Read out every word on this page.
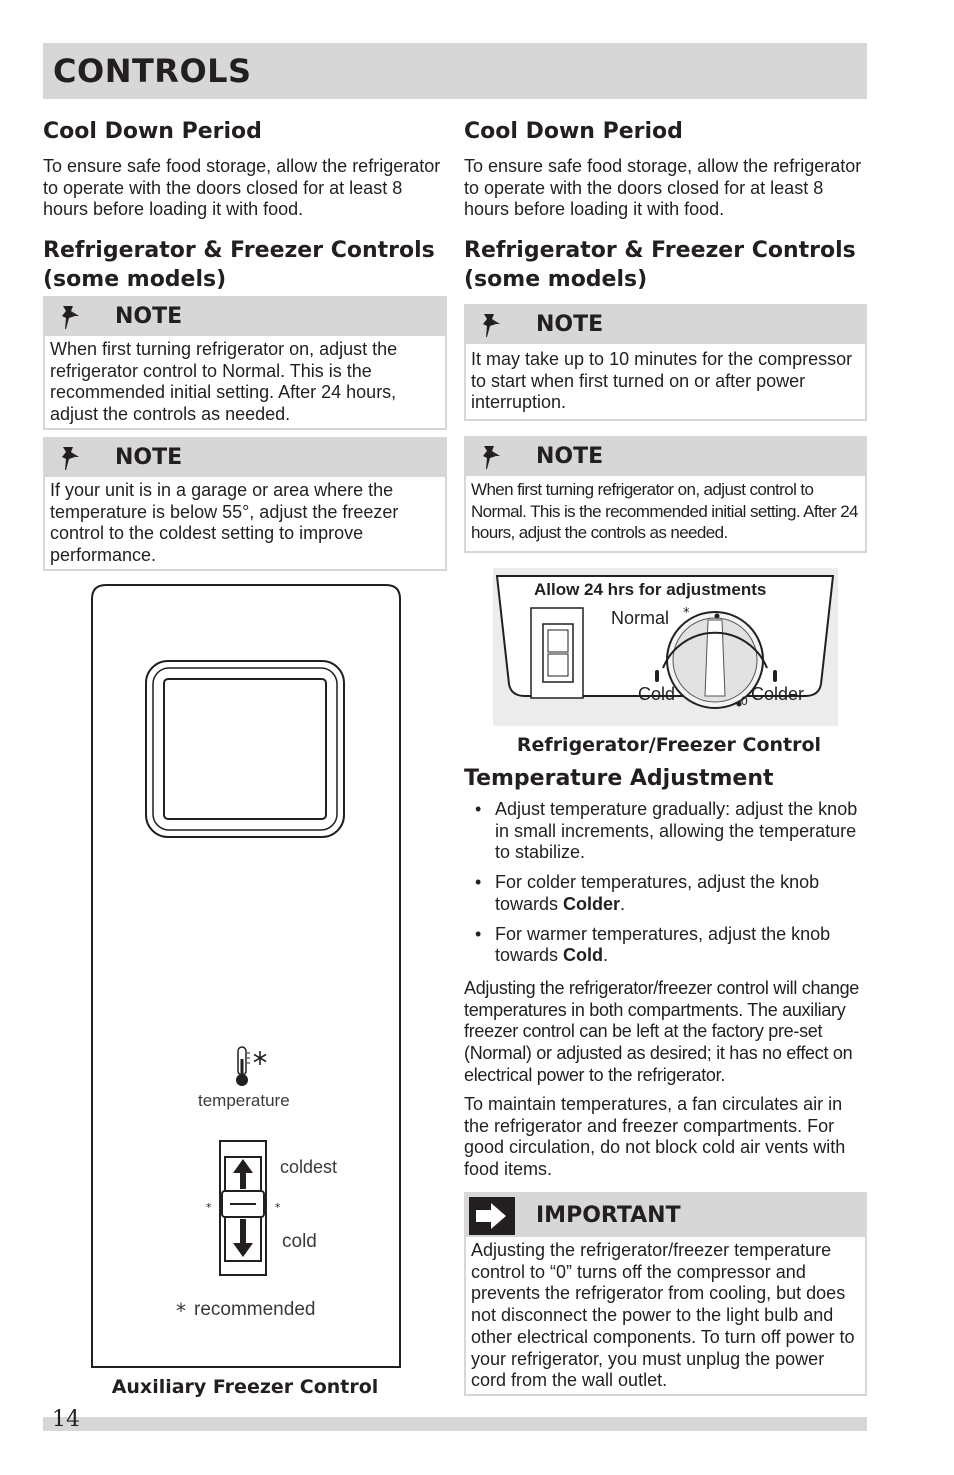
CONTROLS
Cool Down Period
To ensure safe food storage, allow the refrigerator to operate with the doors closed for at least 8 hours before loading it with food.
Refrigerator & Freezer Controls
(some models)
NOTE
When first turning refrigerator on, adjust the refrigerator control to Normal. This is the recommended initial setting. After 24 hours, adjust the controls as needed.
NOTE
If your unit is in a garage or area where the temperature is below 55°, adjust the freezer control to the coldest setting to improve performance.
temperature
*	*
coldest
cold
* recommended
Auxiliary Freezer Control
Cool Down Period
To ensure safe food storage, allow the refrigerator to operate with the doors closed for at least 8 hours before loading it with food.
Refrigerator & Freezer Controls
(some models)
NOTE
It may take up to 10 minutes for the compressor to start when first turned on or after power interruption.
NOTE
When first turning refrigerator on, adjust control to Normal. This is the recommended initial setting. After 24 hours, adjust the controls as needed.
Allow 24 hrs for adjustments
Normal *
Cold	Colder
0
Refrigerator/Freezer Control
Temperature Adjustment
• Adjust temperature gradually: adjust the knob in small increments, allowing the temperature to stabilize.
• For colder temperatures, adjust the knob towards Colder.
• For warmer temperatures, adjust the knob towards Cold.
Adjusting the refrigerator/freezer control will change temperatures in both compartments. The auxiliary freezer control can be left at the factory pre-set (Normal) or adjusted as desired; it has no effect on electrical power to the refrigerator.
To maintain temperatures, a fan circulates air in the refrigerator and freezer compartments. For good circulation, do not block cold air vents with food items.
IMPORTANT
Adjusting the refrigerator/freezer temperature control to “0” turns off the compressor and prevents the refrigerator from cooling, but does not disconnect the power to the light bulb and other electrical components. To turn off power to your refrigerator, you must unplug the power cord from the wall outlet.
14
